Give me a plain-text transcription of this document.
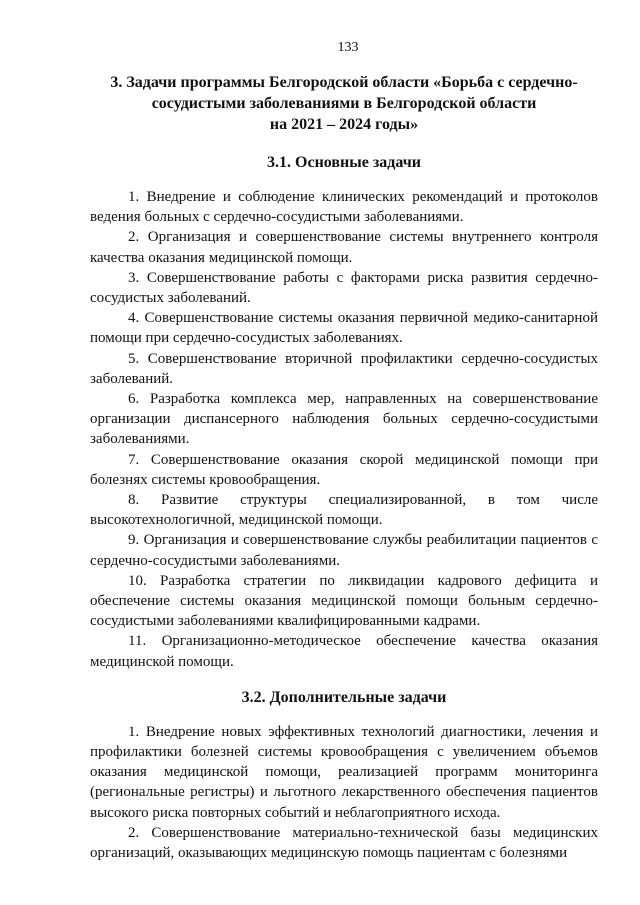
133
3. Задачи программы Белгородской области «Борьба с сердечно-
сосудистыми заболеваниями в Белгородской области
на 2021 – 2024 годы»
3.1. Основные задачи

1. Внедрение и соблюдение клинических рекомендаций и протоколов ведения больных с сердечно-сосудистыми заболеваниями.

2. Организация и совершенствование системы внутреннего контроля качества оказания медицинской помощи.

3. Совершенствование работы с факторами риска развития сердечно-сосудистых заболеваний.

4. Совершенствование системы оказания первичной медико-санитарной помощи при сердечно-сосудистых заболеваниях.

5. Совершенствование вторичной профилактики сердечно-сосудистых заболеваний.

6. Разработка комплекса мер, направленных на совершенствование организации диспансерного наблюдения больных сердечно-сосудистыми заболеваниями.

7. Совершенствование оказания скорой медицинской помощи при болезнях системы кровообращения.

8. Развитие структуры специализированной, в том числе высокотехнологичной, медицинской помощи.

9. Организация и совершенствование службы реабилитации пациентов с сердечно-сосудистыми заболеваниями.

10. Разработка стратегии по ликвидации кадрового дефицита и обеспечение системы оказания медицинской помощи больным сердечно-сосудистыми заболеваниями квалифицированными кадрами.

11. Организационно-методическое обеспечение качества оказания медицинской помощи.

3.2. Дополнительные задачи

1. Внедрение новых эффективных технологий диагностики, лечения и профилактики болезней системы кровообращения с увеличением объемов оказания медицинской помощи, реализацией программ мониторинга (региональные регистры) и льготного лекарственного обеспечения пациентов высокого риска повторных событий и неблагоприятного исхода.

2. Совершенствование материально-технической базы медицинских организаций, оказывающих медицинскую помощь пациентам с болезнями
